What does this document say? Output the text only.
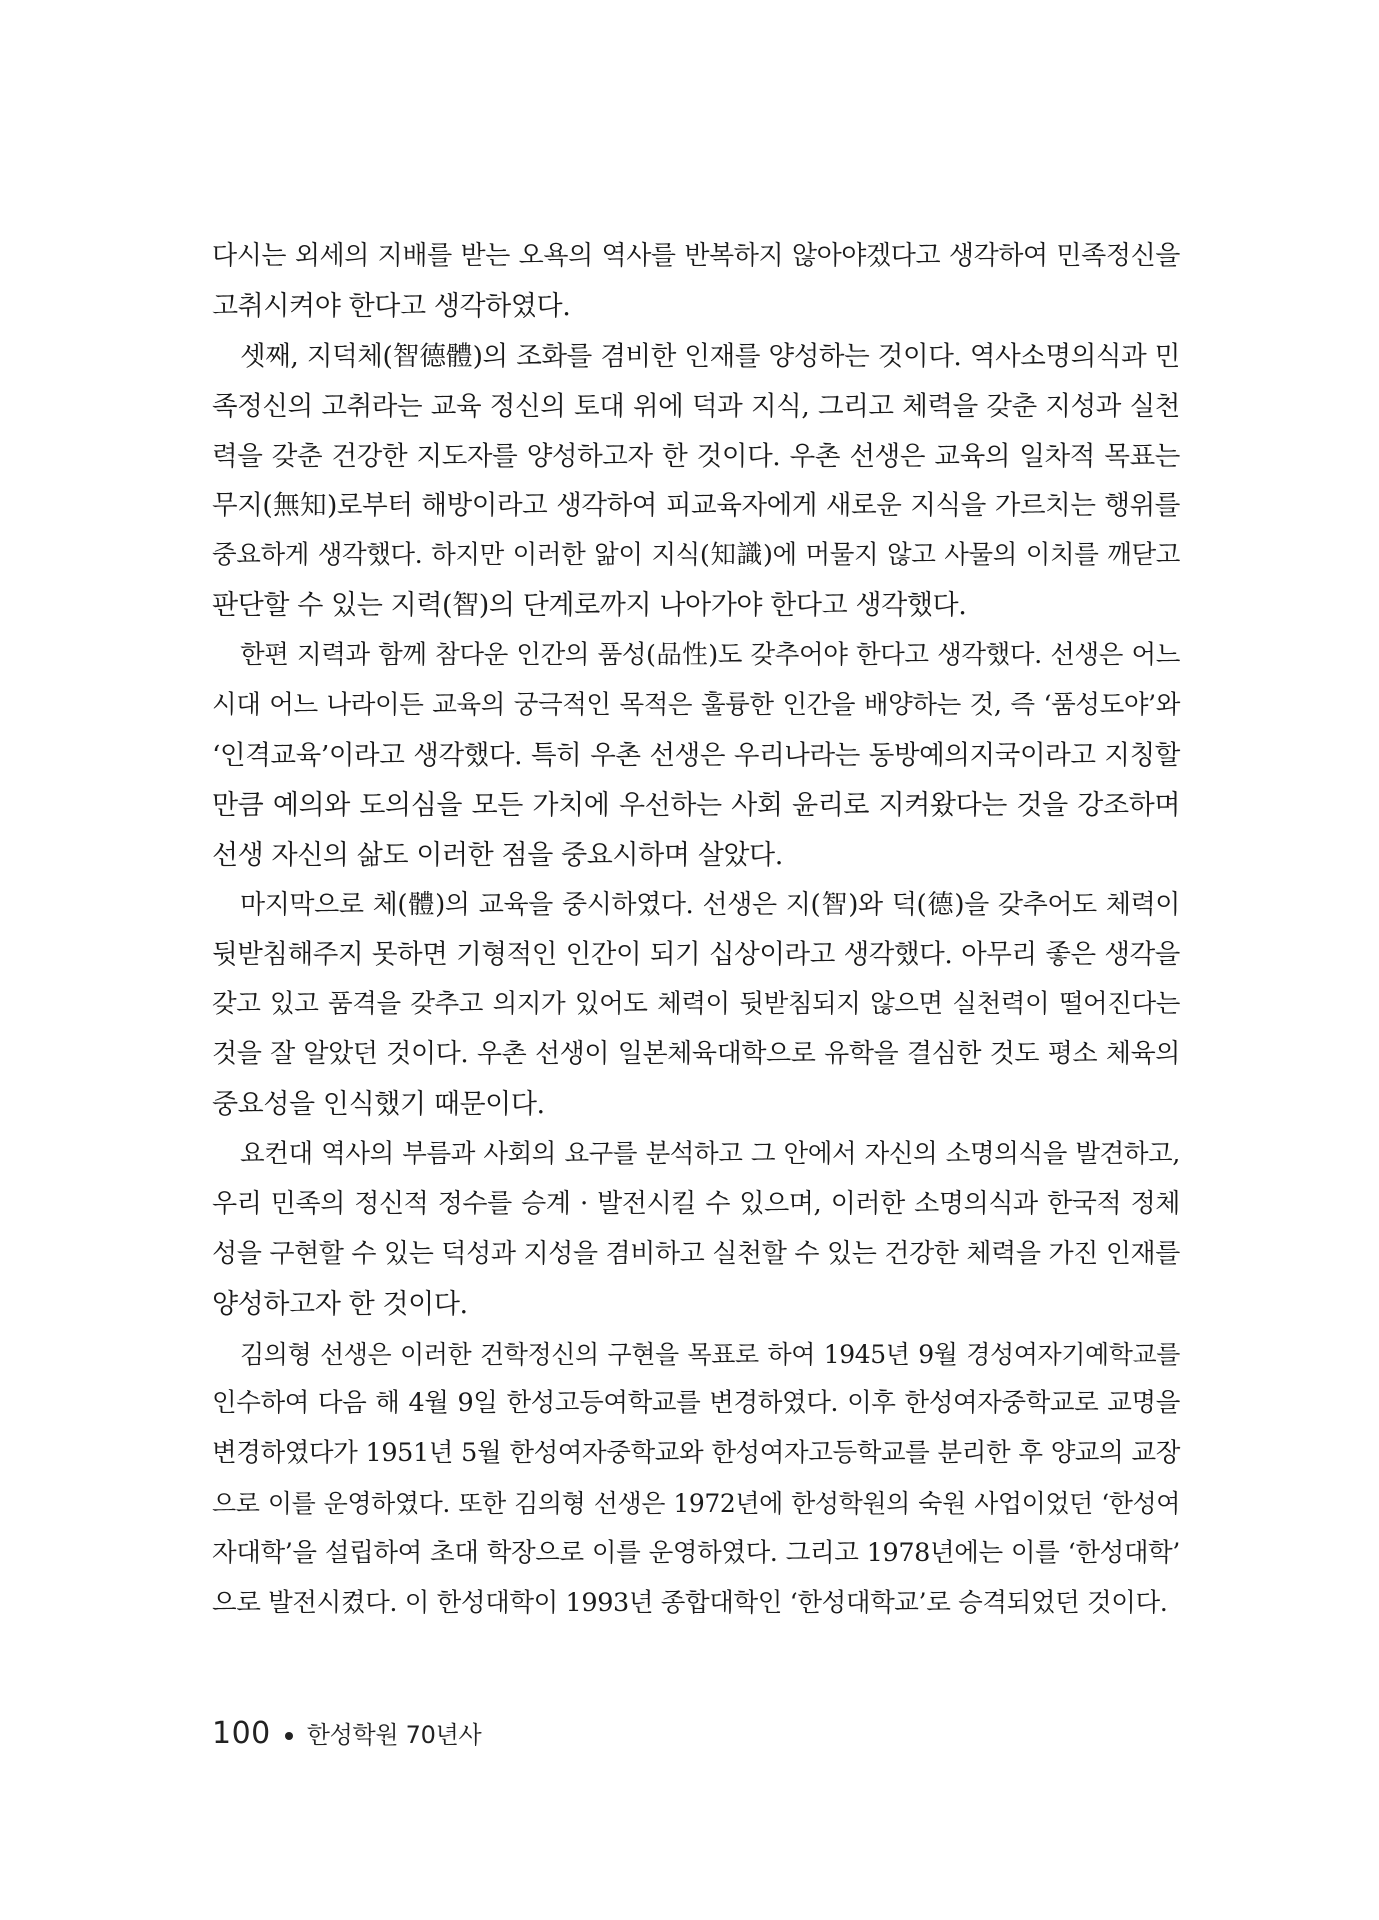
다시는 외세의 지배를 받는 오욕의 역사를 반복하지 않아야겠다고 생각하여 민족정신을
고취시켜야 한다고 생각하였다.
셋째, 지덕체(智德體)의 조화를 겸비한 인재를 양성하는 것이다. 역사소명의식과 민
족정신의 고취라는 교육 정신의 토대 위에 덕과 지식, 그리고 체력을 갖춘 지성과 실천
력을 갖춘 건강한 지도자를 양성하고자 한 것이다. 우촌 선생은 교육의 일차적 목표는
무지(無知)로부터 해방이라고 생각하여 피교육자에게 새로운 지식을 가르치는 행위를
중요하게 생각했다. 하지만 이러한 앎이 지식(知識)에 머물지 않고 사물의 이치를 깨닫고
판단할 수 있는 지력(智)의 단계로까지 나아가야 한다고 생각했다.
한편 지력과 함께 참다운 인간의 품성(品性)도 갖추어야 한다고 생각했다. 선생은 어느
시대 어느 나라이든 교육의 궁극적인 목적은 훌륭한 인간을 배양하는 것, 즉 ‘품성도야’와
‘인격교육’이라고 생각했다. 특히 우촌 선생은 우리나라는 동방예의지국이라고 지칭할
만큼 예의와 도의심을 모든 가치에 우선하는 사회 윤리로 지켜왔다는 것을 강조하며
선생 자신의 삶도 이러한 점을 중요시하며 살았다.
마지막으로 체(體)의 교육을 중시하였다. 선생은 지(智)와 덕(德)을 갖추어도 체력이
뒷받침해주지 못하면 기형적인 인간이 되기 십상이라고 생각했다. 아무리 좋은 생각을
갖고 있고 품격을 갖추고 의지가 있어도 체력이 뒷받침되지 않으면 실천력이 떨어진다는
것을 잘 알았던 것이다. 우촌 선생이 일본체육대학으로 유학을 결심한 것도 평소 체육의
중요성을 인식했기 때문이다.
요컨대 역사의 부름과 사회의 요구를 분석하고 그 안에서 자신의 소명의식을 발견하고,
우리 민족의 정신적 정수를 승계 · 발전시킬 수 있으며, 이러한 소명의식과 한국적 정체
성을 구현할 수 있는 덕성과 지성을 겸비하고 실천할 수 있는 건강한 체력을 가진 인재를
양성하고자 한 것이다.
김의형 선생은 이러한 건학정신의 구현을 목표로 하여 1945년 9월 경성여자기예학교를
인수하여 다음 해 4월 9일 한성고등여학교를 변경하였다. 이후 한성여자중학교로 교명을
변경하였다가 1951년 5월 한성여자중학교와 한성여자고등학교를 분리한 후 양교의 교장
으로 이를 운영하였다. 또한 김의형 선생은 1972년에 한성학원의 숙원 사업이었던 ‘한성여
자대학’을 설립하여 초대 학장으로 이를 운영하였다. 그리고 1978년에는 이를 ‘한성대학’
으로 발전시켰다. 이 한성대학이 1993년 종합대학인 ‘한성대학교’로 승격되었던 것이다.
100 한성학원 70년사
